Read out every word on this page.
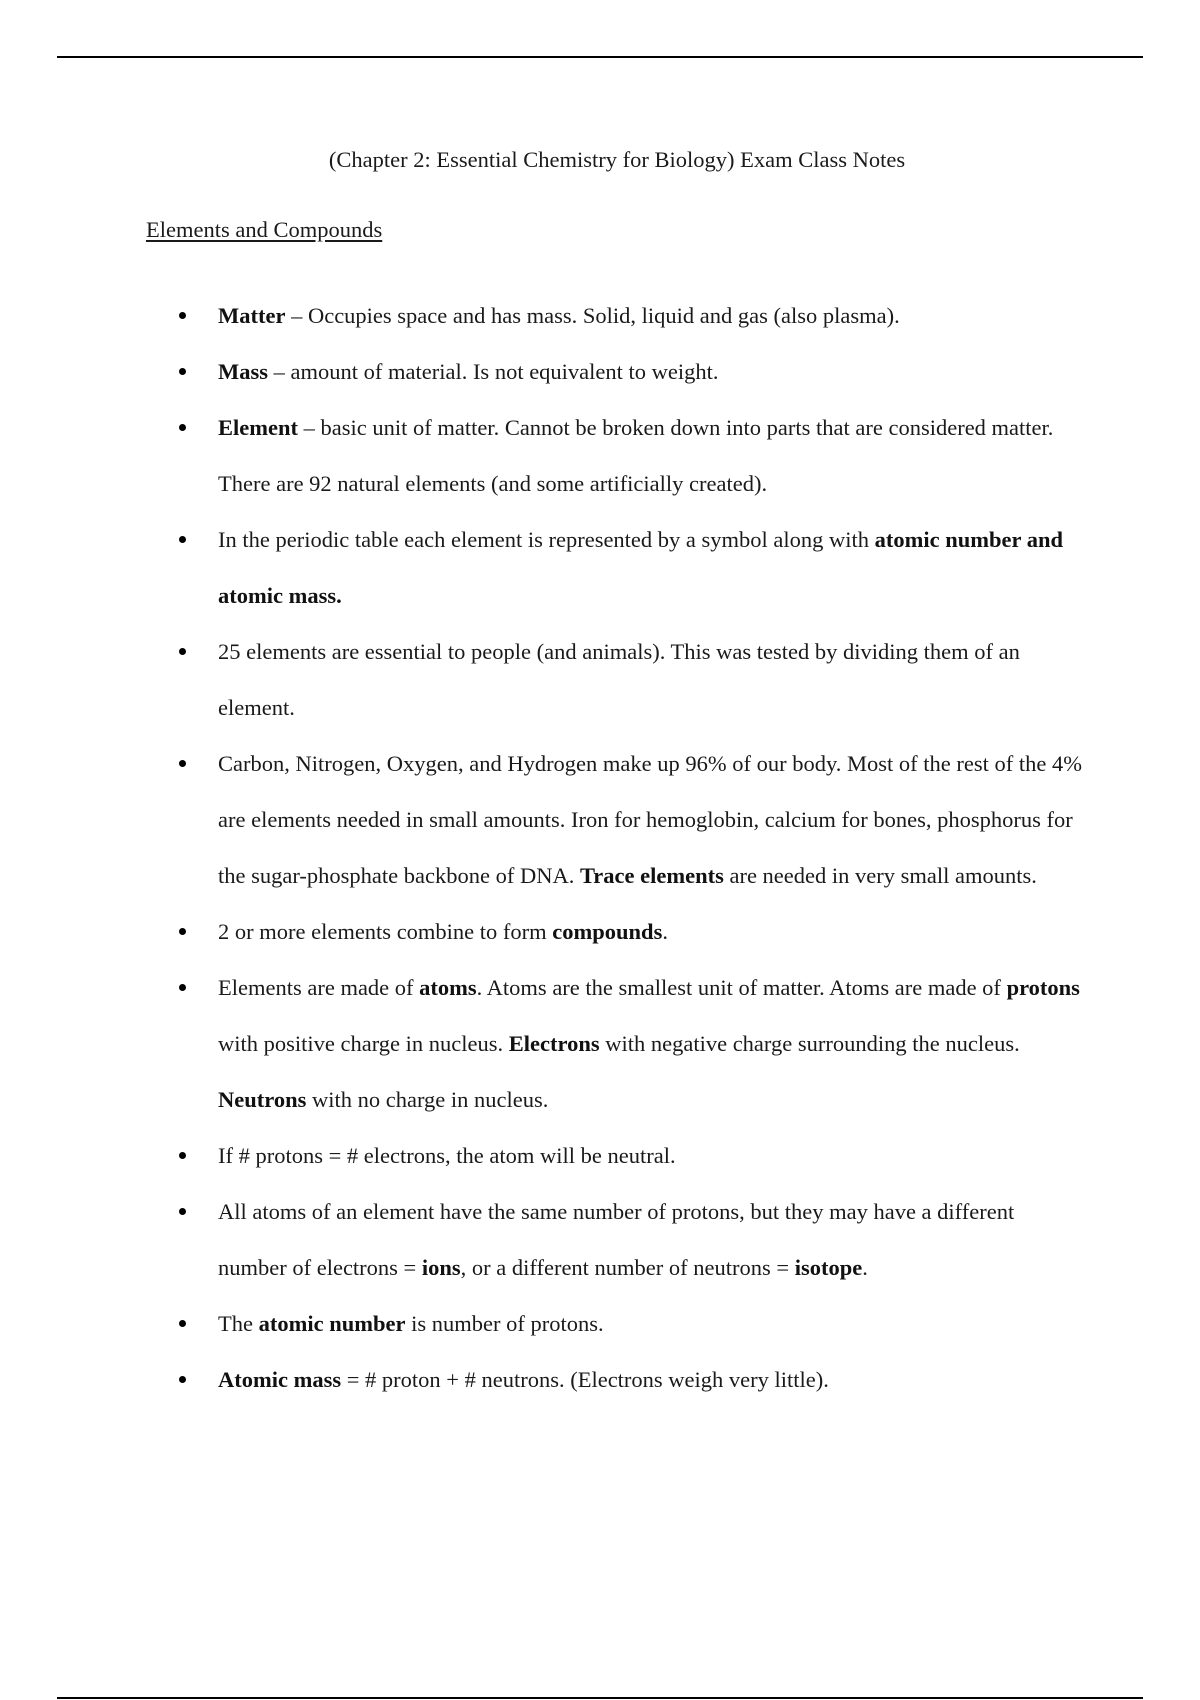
(Chapter 2: Essential Chemistry for Biology) Exam Class Notes
Elements and Compounds
Matter – Occupies space and has mass. Solid, liquid and gas (also plasma).
Mass – amount of material. Is not equivalent to weight.
Element – basic unit of matter. Cannot be broken down into parts that are considered matter. There are 92 natural elements (and some artificially created).
In the periodic table each element is represented by a symbol along with atomic number and atomic mass.
25 elements are essential to people (and animals). This was tested by dividing them of an element.
Carbon, Nitrogen, Oxygen, and Hydrogen make up 96% of our body. Most of the rest of the 4% are elements needed in small amounts. Iron for hemoglobin, calcium for bones, phosphorus for the sugar-phosphate backbone of DNA. Trace elements are needed in very small amounts.
2 or more elements combine to form compounds.
Elements are made of atoms. Atoms are the smallest unit of matter. Atoms are made of protons with positive charge in nucleus. Electrons with negative charge surrounding the nucleus. Neutrons with no charge in nucleus.
If # protons = # electrons, the atom will be neutral.
All atoms of an element have the same number of protons, but they may have a different number of electrons = ions, or a different number of neutrons = isotope.
The atomic number is number of protons.
Atomic mass = # proton + # neutrons. (Electrons weigh very little).
